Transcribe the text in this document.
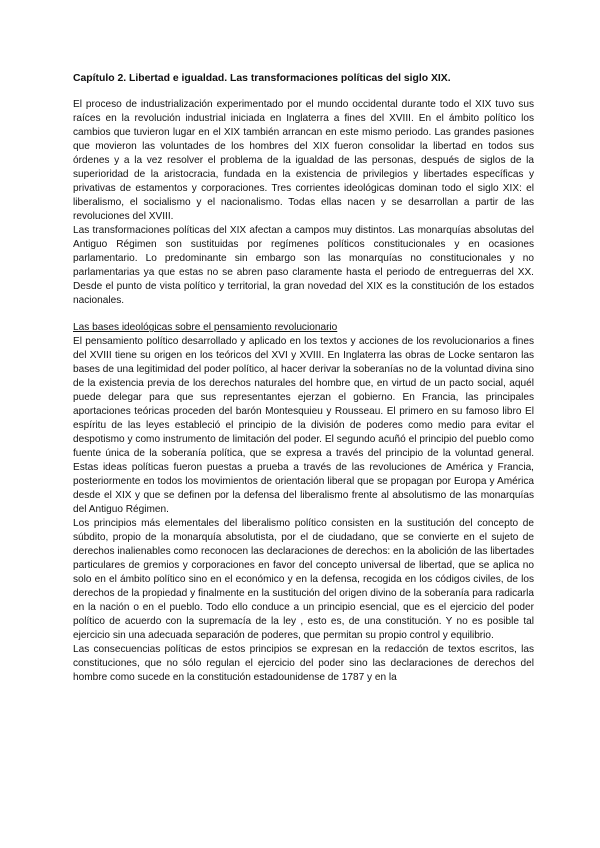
Capítulo 2. Libertad e igualdad. Las transformaciones políticas del siglo XIX.

El proceso de industrialización experimentado por el mundo occidental durante todo el XIX tuvo sus raíces en la revolución industrial iniciada en Inglaterra a fines del XVIII. En el ámbito político los cambios que tuvieron lugar en el XIX también arrancan en este mismo periodo. Las grandes pasiones que movieron las voluntades de los hombres del XIX fueron consolidar la libertad en todos sus órdenes y a la vez resolver el problema de la igualdad de las personas, después de siglos de la superioridad de la aristocracia, fundada en la existencia de privilegios y libertades específicas y privativas de estamentos y corporaciones. Tres corrientes ideológicas dominan todo el siglo XIX: el liberalismo, el socialismo y el nacionalismo. Todas ellas nacen y se desarrollan a partir de las revoluciones del XVIII.

Las transformaciones políticas del XIX afectan a campos muy distintos. Las monarquías absolutas del Antiguo Régimen son sustituidas por regímenes políticos constitucionales y en ocasiones parlamentario. Lo predominante sin embargo son las monarquías no constitucionales y no parlamentarias ya que estas no se abren paso claramente hasta el periodo de entreguerras del XX. Desde el punto de vista político y territorial, la gran novedad del XIX es la constitución de los estados nacionales.

Las bases ideológicas sobre el pensamiento revolucionario

El pensamiento político desarrollado y aplicado en los textos y acciones de los revolucionarios a fines del XVIII tiene su origen en los teóricos del XVI y XVIII. En Inglaterra las obras de Locke sentaron las bases de una legitimidad del poder político, al hacer derivar la soberanías no de la voluntad divina sino de la existencia previa de los derechos naturales del hombre que, en virtud de un pacto social, aquél puede delegar para que sus representantes ejerzan el gobierno. En Francia, las principales aportaciones teóricas proceden del barón Montesquieu y Rousseau. El primero en su famoso libro El espíritu de las leyes estableció el principio de la división de poderes como medio para evitar el despotismo y como instrumento de limitación del poder. El segundo acuñó el principio del pueblo como fuente única de la soberanía política, que se expresa a través del principio de la voluntad general. Estas ideas políticas fueron puestas a prueba a través de las revoluciones de América y Francia, posteriormente en todos los movimientos de orientación liberal que se propagan por Europa y América desde el XIX y que se definen por la defensa del liberalismo frente al absolutismo de las monarquías del Antiguo Régimen.

Los principios más elementales del liberalismo político consisten en la sustitución del concepto de súbdito, propio de la monarquía absolutista, por el de ciudadano, que se convierte en el sujeto de derechos inalienables como reconocen las declaraciones de derechos: en la abolición de las libertades particulares de gremios y corporaciones en favor del concepto universal de libertad, que se aplica no solo en el ámbito político sino en el económico y en la defensa, recogida en los códigos civiles, de los derechos de la propiedad y finalmente en la sustitución del origen divino de la soberanía para radicarla en la nación o en el pueblo. Todo ello conduce a un principio esencial, que es el ejercicio del poder político de acuerdo con la supremacía de la ley , esto es, de una constitución. Y no es posible tal ejercicio sin una adecuada separación de poderes, que permitan su propio control y equilibrio.

Las consecuencias políticas de estos principios se expresan en la redacción de textos escritos, las constituciones, que no sólo regulan el ejercicio del poder sino las declaraciones de derechos del hombre como sucede en la constitución estadounidense de 1787 y en la
